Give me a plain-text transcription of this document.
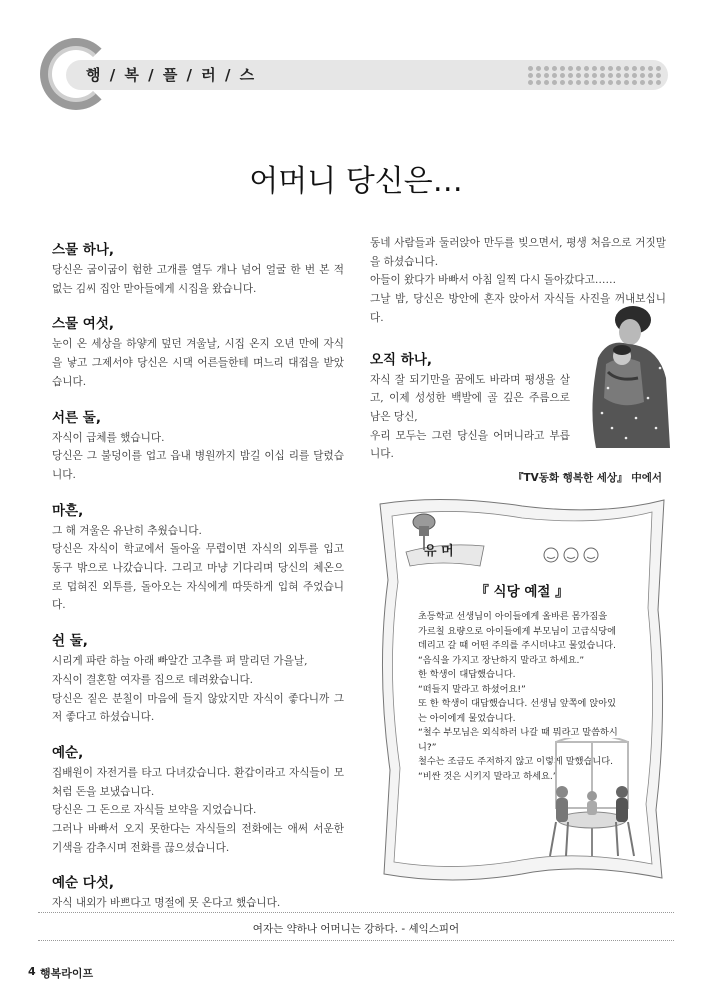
행 / 복 / 플 / 러 / 스
어머니 당신은…
스물 하나,

당신은 굽이굽이 험한 고개를 열두 개나 넘어 얼굴 한 번 본 적 없는 김씨 집안 맏아들에게 시집을 왔습니다.

스물 여섯,

눈이 온 세상을 하얗게 덮던 겨울날, 시집 온지 오년 만에 자식을 낳고 그제서야 당신은 시댁 어른들한테 며느리 대접을 받았습니다.

서른 둘,

자식이 급체를 했습니다.

당신은 그 불덩이를 업고 읍내 병원까지 밤길 이십 리를 달렸습니다.

마흔,

그 해 겨울은 유난히 추웠습니다.

당신은 자식이 학교에서 돌아올 무렵이면 자식의 외투를 입고 동구 밖으로 나갔습니다. 그리고 마냥 기다리며 당신의 체온으로 덥혀진 외투를, 돌아오는 자식에게 따뜻하게 입혀 주었습니다.

쉰 둘,

시리게 파란 하늘 아래 빠알간 고추를 펴 말리던 가을날,

자식이 결혼할 여자를 집으로 데려왔습니다.

당신은 짙은 분칠이 마음에 들지 않았지만 자식이 좋다니까 그저 좋다고 하셨습니다.

예순,

집배원이 자전거를 타고 다녀갔습니다. 환갑이라고 자식들이 모처럼 돈을 보냈습니다.

당신은 그 돈으로 자식들 보약을 지었습니다.

그러나 바빠서 오지 못한다는 자식들의 전화에는 애써 서운한 기색을 감추시며 전화를 끊으셨습니다.

예순 다섯,

자식 내외가 바쁘다고 명절에 못 온다고 했습니다.

동네 사람들과 둘러앉아 만두를 빚으면서, 평생 처음으로 거짓말을 하셨습니다.

아들이 왔다가 바빠서 아침 일찍 다시 돌아갔다고……

그날 밤, 당신은 방안에 혼자 앉아서 자식들 사진을 꺼내보십니다.

오직 하나,

자식 잘 되기만을 꿈에도 바라며 평생을 살고, 이제 성성한 백발에 골 깊은 주름으로 남은 당신,

우리 모두는 그런 당신을 어머니라고 부릅니다.

『TV동화 행복한 세상』 中에서
유 머
『 식당 예절 』

초등학교 선생님이 아이들에게 올바른 몸가짐을 가르칠 요량으로 아이들에게 부모님이 고급식당에 데리고 갈 때 어떤 주의를 주시더냐고 물었습니다.

“음식을 가지고 장난하지 말라고 하세요.”

한 학생이 대답했습니다.

“떠들지 말라고 하셨어요!”

또 한 학생이 대답했습니다. 선생님 앞쪽에 앉아있는 아이에게 물었습니다.

“철수 부모님은 외식하러 나갈 때 뭐라고 말씀하시니?”

철수는 조금도 주저하지 않고 이렇게 말했습니다.

“비싼 것은 시키지 말라고 하세요.”

여자는 약하나 어머니는 강하다. - 셰익스피어
4 행복라이프
